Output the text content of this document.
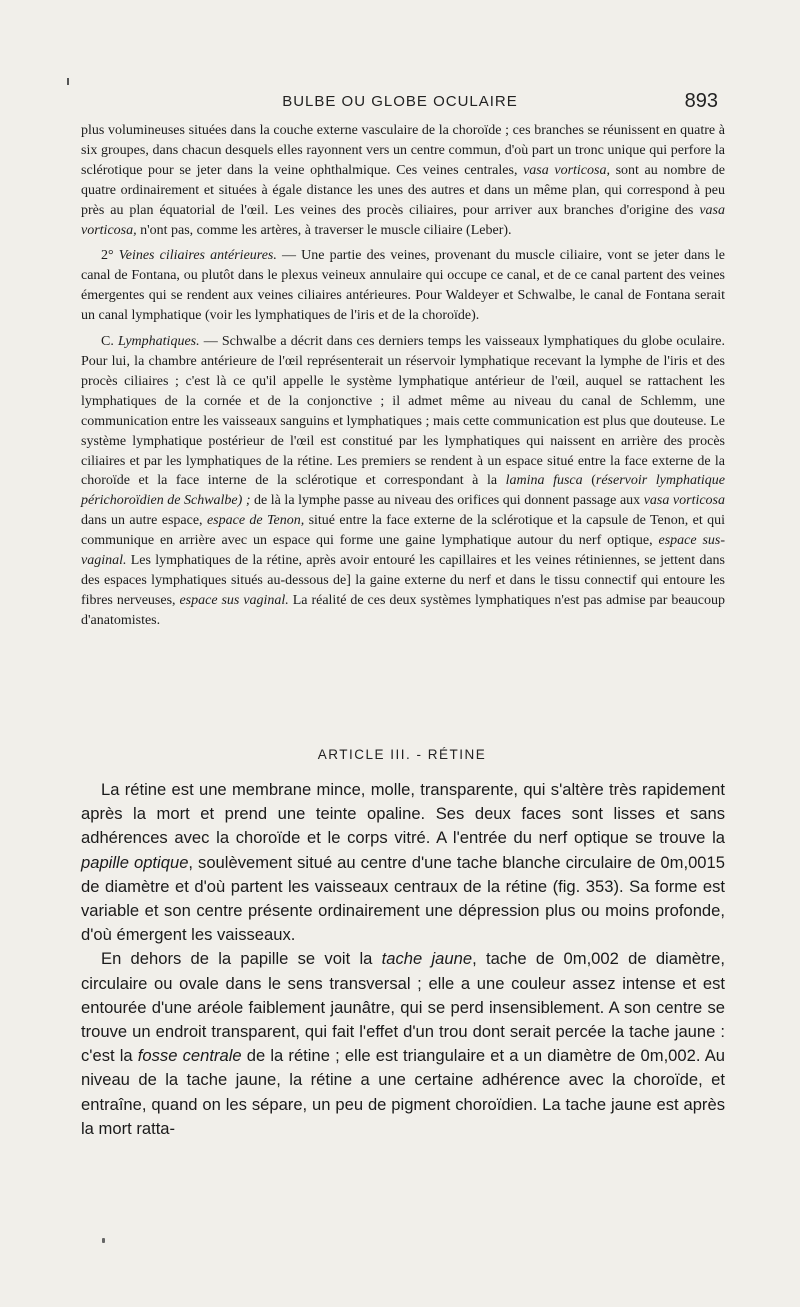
BULBE OU GLOBE OCULAIRE	893

plus volumineuses situées dans la couche externe vasculaire de la choroïde ; ces branches se réunissent en quatre à six groupes, dans chacun desquels elles rayonnent vers un centre commun, d'où part un tronc unique qui perfore la sclérotique pour se jeter dans la veine ophthalmique. Ces veines centrales, vasa vorticosa, sont au nombre de quatre ordinairement et situées à égale distance les unes des autres et dans un même plan, qui correspond à peu près au plan équatorial de l'œil. Les veines des procès ciliaires, pour arriver aux branches d'origine des vasa vorticosa, n'ont pas, comme les artères, à traverser le muscle ciliaire (Leber).

2° Veines ciliaires antérieures. — Une partie des veines, provenant du muscle ciliaire, vont se jeter dans le canal de Fontana, ou plutôt dans le plexus veineux annulaire qui occupe ce canal, et de ce canal partent des veines émergentes qui se rendent aux veines ciliaires antérieures. Pour Waldeyer et Schwalbe, le canal de Fontana serait un canal lymphatique (voir les lymphatiques de l'iris et de la choroïde).

C. Lymphatiques. — Schwalbe a décrit dans ces derniers temps les vaisseaux lymphatiques du globe oculaire. Pour lui, la chambre antérieure de l'œil représenterait un réservoir lymphatique recevant la lymphe de l'iris et des procès ciliaires ; c'est là ce qu'il appelle le système lymphatique antérieur de l'œil, auquel se rattachent les lymphatiques de la cornée et de la conjonctive ; il admet même au niveau du canal de Schlemm, une communication entre les vaisseaux sanguins et lymphatiques ; mais cette communication est plus que douteuse. Le système lymphatique postérieur de l'œil est constitué par les lymphatiques qui naissent en arrière des procès ciliaires et par les lymphatiques de la rétine. Les premiers se rendent à un espace situé entre la face externe de la choroïde et la face interne de la sclérotique et correspondant à la lamina fusca (réservoir lymphatique périchoroïdien de Schwalbe) ; de là la lymphe passe au niveau des orifices qui donnent passage aux vasa vorticosa dans un autre espace, espace de Tenon, situé entre la face externe de la sclérotique et la capsule de Tenon, et qui communique en arrière avec un espace qui forme une gaine lymphatique autour du nerf optique, espace sus-vaginal. Les lymphatiques de la rétine, après avoir entouré les capillaires et les veines rétiniennes, se jettent dans des espaces lymphatiques situés au-dessous de] la gaine externe du nerf et dans le tissu connectif qui entoure les fibres nerveuses, espace sus vaginal. La réalité de ces deux systèmes lymphatiques n'est pas admise par beaucoup d'anatomistes.

ARTICLE III. - RÉTINE

La rétine est une membrane mince, molle, transparente, qui s'altère très rapidement après la mort et prend une teinte opaline. Ses deux faces sont lisses et sans adhérences avec la choroïde et le corps vitré. A l'entrée du nerf optique se trouve la papille optique, soulèvement situé au centre d'une tache blanche circulaire de 0m,0015 de diamètre et d'où partent les vaisseaux centraux de la rétine (fig. 353). Sa forme est variable et son centre présente ordinairement une dépression plus ou moins profonde, d'où émergent les vaisseaux.

En dehors de la papille se voit la tache jaune, tache de 0m,002 de diamètre, circulaire ou ovale dans le sens transversal ; elle a une couleur assez intense et est entourée d'une aréole faiblement jaunâtre, qui se perd insensiblement. A son centre se trouve un endroit transparent, qui fait l'effet d'un trou dont serait percée la tache jaune : c'est la fosse centrale de la rétine ; elle est triangulaire et a un diamètre de 0m,002. Au niveau de la tache jaune, la rétine a une certaine adhérence avec la choroïde, et entraîne, quand on les sépare, un peu de pigment choroïdien. La tache jaune est après la mort ratta-
